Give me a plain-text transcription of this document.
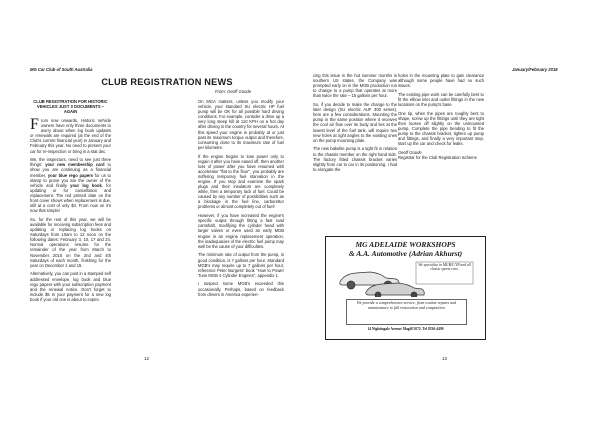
MG Car Club of South Australia
CLUB REGISTRATION NEWS
From: Geoff Goode
CLUB REGISTRATION FOR HISTORIC VEHICLES JUST 3 DOCUMENTS – AGAIN

From now onwards, Historic Vehicle owners have only three documents to worry about when log book updates or renewals are required (at the end of the Club's current financial year) in January and February this year. No need to present your car for re-inspection or bring in a stat dec.

We, the inspectors, need to see just three things: your new membership card to show you are continuing as a financial member, your blue rego papers for us to stamp to prove you are the owner of the vehicle and finally your log book, for updating or for cancellation and replacement. The red printed date on the front cover shows when replacement is due, still at a cost of only $3. From now on it's now that simple!

So, for the rest of this year, we will be available for receiving subscription fees and updating or replacing log books on Saturdays from 10am to 12 noon on the following dates: February 3, 10, 17 and 24. Normal operations resume for the remainder of the year from March to November 2018 on the 2nd and 4th Saturdays of each month, finishing for the year on December 1 and 15.

Alternatively, you can post in a stamped self addressed envelope, log book and blue rego papers with your subscription payment and the renewal notice. Don't forget to include $5 in your payment for a new log book if your old one is about to expire.

On MGA matters, unless you modify your vehicle, your standard SU electric HP fuel pump will be OK for all possible hard driving conditions. For example, consider a drive up a very long steep hill at 110 KPH on a hot day after driving in the country for several hours. At this speed your engine is probably at or just past its maximum torque output and therefore, consuming close to its maximum rate of fuel per kilometre.

If the engine begins to lose power only to regain it after you have eased off, then another loss of power after you have resumed with accelerator "flat to the floor", you probably are suffering temporary fuel starvation in the engine. If you stop and examine the spark plugs and their insulators are completely white, then a temporary lack of fuel. Could be caused by any number of possibilities such as a blockage in the fuel line, carburettor problems or almost completely out of fuel!

However, if you have increased the engine's specific output through fitting a fast road camshaft, modifying the cylinder head with larger valves or even used an early MGB engine in an engine replacement operation, the inadequacies of the electric fuel pump may well be the cause of your difficulties.

The minimum rate of output from the pump, in good condition, is 7 gallons per hour. Standard MGB's may require up to 7 gallons per hour, reference Peter Burgess' book "How to Power Tune MGB 4 Cylinder Engines", appendix 1.

I suspect some MGB's exceeded this occasionally. Perhaps, based on feedback from drivers in America experien-

12
January/February 2018

cing this issue in the hot summer months in southern US states, the Company was prompted early on in the MGB production run to change to a pump that operates at more than twice the rate – 15 gallons per hour.

So, if you decide to make the change to the later design (SU electric AUF 300 series), here are a few considerations. Mounting the pump in the same position where it receives the cool air flow over its body and lies at the lowest level of the fuel tank, will require two new holes at right angles to the existing ones on the pump mounting plate.

The new bakelite pump is a tight fit in relation to the chassis member on the right hand side. The factory fitted chassis bracket varies slightly from car to car in its positioning. I had to elongate the

holes in the mounting plate to gain clearance although some people have had no such issues.

The existing pipe work can be carefully bent to fit the elbow inlet and outlet fittings in the new locations on the pump's base.

One tip, when the pipes are roughly bent to shape, screw up the fittings until they are tight then loosen off slightly on the unmounted pump. Complete the pipe bending to fit the pump to the chassis bracket, tighten up pump and fittings, and finally a very important step, start up the car and check for leaks.

Geoff Goode

Registrar for the Club Registration Scheme

MG ADELAIDE WORKSHOPS
& A.A. Automotive (Adrian Akhurst)
We specialise in MGB/C/V8 and all classic sports cars.
We provide a comprehensive service, from routine repairs and maintenance to full restoration and competition
14 Nightingale Avenue Magill 5072. Tel 8336-4490
13
